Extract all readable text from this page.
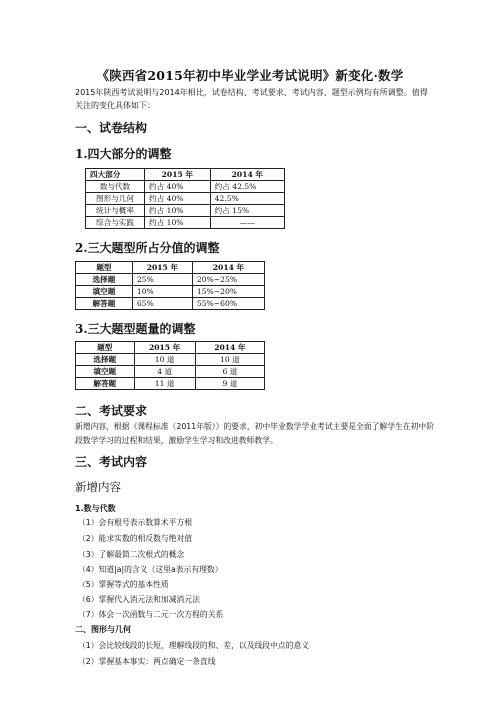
《陕西省2015年初中毕业学业考试说明》新变化·数学
2015年陕西考试说明与2014年相比，试卷结构、考试要求、考试内容、题型示例均有所调整。值得关注的变化具体如下：
一、试卷结构
1.四大部分的调整
四大部分	2015 年	2014 年
数与代数	约占 40%	约占 42.5%
图形与几何	约占 40%	42.5%
统计与概率	约占 10%	约占 15%
综合与实践	约占 10%	——
2.三大题型所占分值的调整
题型	2015 年	2014 年
选择题	25%	20%~25%
填空题	10%	15%~20%
解答题	65%	55%~60%
3.三大题型题量的调整
题型	2015 年	2014 年
选择题	10 道	10 道
填空题	4 道	6 道
解答题	11 道	9 道
二、考试要求
新增内容，根据《课程标准（2011年版）》的要求，初中毕业数学学业考试主要是全面了解学生在初中阶段数学学习的过程和结果，激励学生学习和改进教师教学。
三、考试内容
新增内容
1.数与代数
（1）会有根号表示数算术平方根
（2）能求实数的相反数与绝对值
（3）了解最简二次根式的概念
（4）知道|a|的含义（这里a表示有理数）
（5）掌握等式的基本性质
（6）掌握代入消元法和加减消元法
（7）体会一次函数与二元一次方程的关系
二、图形与几何
（1）会比较线段的长短，理解线段的和、差，以及线段中点的意义
（2）掌握基本事实：两点确定一条直线
